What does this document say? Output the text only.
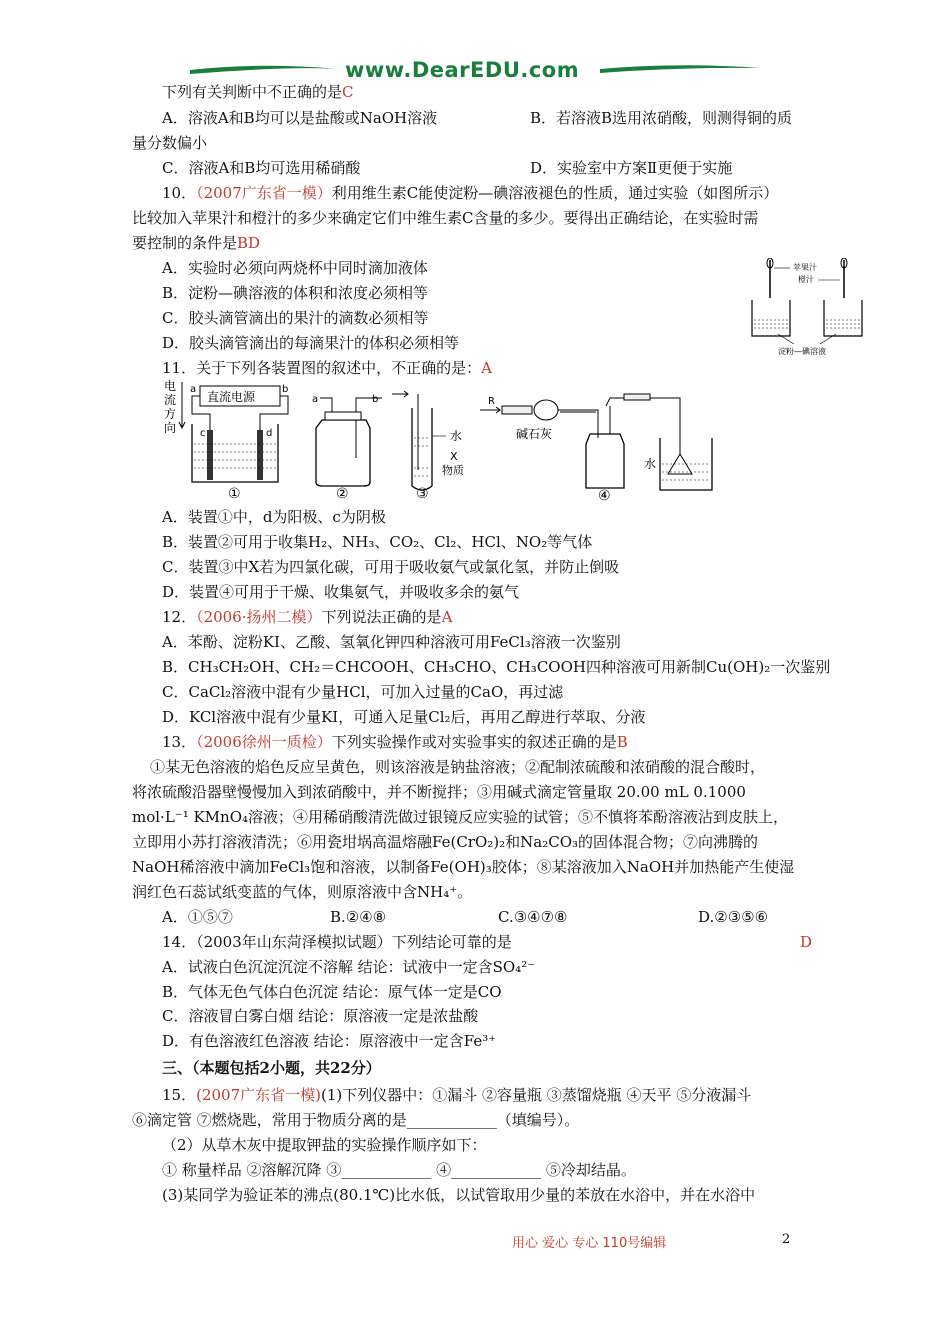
www.DearEDU.com
下列有关判断中不正确的是C
A．溶液A和B均可以是盐酸或NaOH溶液	B．若溶液B选用浓硝酸，则测得铜的质
量分数偏小
C．溶液A和B均可选用稀硝酸	D．实验室中方案Ⅱ更便于实施
10．（2007广东省一模）利用维生素C能使淀粉—碘溶液褪色的性质，通过实验（如图所示）
比较加入苹果汁和橙汁的多少来确定它们中维生素C含量的多少。要得出正确结论，在实验时需
要控制的条件是BD
A．实验时必须向两烧杯中同时滴加液体
B．淀粉—碘溶液的体积和浓度必须相等
C．胶头滴管滴出的果汁的滴数必须相等
D．胶头滴管滴出的每滴果汁的体积必须相等
苹果汁
橙汁
淀粉—碘溶液
11．关于下列各装置图的叙述中，不正确的是：A
电
流
方
向
直流电源
a	b
c	d
①
a	b
②
水
X
物质
③
R
碱石灰
④
水
A．装置①中，d为阳极、c为阴极
B．装置②可用于收集H₂、NH₃、CO₂、Cl₂、HCl、NO₂等气体
C．装置③中X若为四氯化碳，可用于吸收氨气或氯化氢，并防止倒吸
D．装置④可用于干燥、收集氨气，并吸收多余的氨气
12．（2006·扬州二模）下列说法正确的是A
A．苯酚、淀粉KI、乙酸、氢氧化钾四种溶液可用FeCl₃溶液一次鉴别
B．CH₃CH₂OH、CH₂＝CHCOOH、CH₃CHO、CH₃COOH四种溶液可用新制Cu(OH)₂一次鉴别
C．CaCl₂溶液中混有少量HCl，可加入过量的CaO，再过滤
D．KCl溶液中混有少量KI，可通入足量Cl₂后，再用乙醇进行萃取、分液
13．（2006徐州一质检）下列实验操作或对实验事实的叙述正确的是B
①某无色溶液的焰色反应呈黄色，则该溶液是钠盐溶液；②配制浓硫酸和浓硝酸的混合酸时，
将浓硫酸沿器壁慢慢加入到浓硝酸中，并不断搅拌；③用碱式滴定管量取 20.00 mL 0.1000
mol·L⁻¹ KMnO₄溶液；④用稀硝酸清洗做过银镜反应实验的试管；⑤不慎将苯酚溶液沾到皮肤上，
立即用小苏打溶液清洗；⑥用瓷坩埚高温熔融Fe(CrO₂)₂和Na₂CO₃的固体混合物；⑦向沸腾的
NaOH稀溶液中滴加FeCl₃饱和溶液，以制备Fe(OH)₃胶体；⑧某溶液加入NaOH并加热能产生使湿
润红色石蕊试纸变蓝的气体，则原溶液中含NH₄⁺。
A．①⑤⑦	B.②④⑧	C.③④⑦⑧	D.②③⑤⑥
14．（2003年山东菏泽模拟试题）下列结论可靠的是	D
A．试液白色沉淀沉淀不溶解 结论：试液中一定含SO₄²⁻
B．气体无色气体白色沉淀 结论：原气体一定是CO
C．溶液冒白雾白烟 结论：原溶液一定是浓盐酸
D．有色溶液红色溶液 结论：原溶液中一定含Fe³⁺
三、（本题包括2小题，共22分）
15．(2007广东省一模)(1)下列仪器中：①漏斗 ②容量瓶 ③蒸馏烧瓶 ④天平 ⑤分液漏斗
⑥滴定管 ⑦燃烧匙，常用于物质分离的是____________（填编号）。
（2）从草木灰中提取钾盐的实验操作顺序如下：
① 称量样品 ②溶解沉降 ③____________ ④____________ ⑤冷却结晶。
(3)某同学为验证苯的沸点(80.1℃)比水低，以试管取用少量的苯放在水浴中，并在水浴中
用心 爱心 专心 110号编辑	2
